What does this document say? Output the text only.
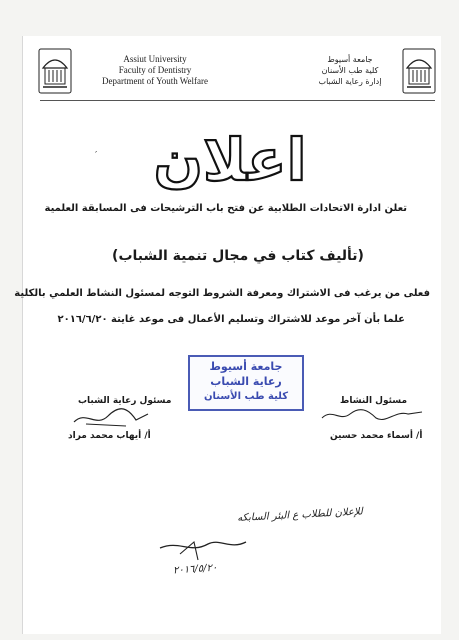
Assiut University
Faculty of Dentistry
Department of Youth Welfare
جامعة أسيوط
كلية طب الأسنان
إدارة رعاية الشباب
اعلان
′
تعلن ادارة الاتحادات الطلابية عن فتح باب الترشيحات فى المسابقة العلمية
(تأليف كتاب في مجال تنمية الشباب)
فعلى من يرغب فى الاشتراك ومعرفة الشروط التوجه لمسئول النشاط العلمي بالكلية
علما بأن آخر موعد للاشتراك وتسليم الأعمال فى موعد غايتة ٢٠١٦/٦/٢٠
جامعة أسيوط
رعاية الشباب
كلية طب الأسنان
مسئول رعاية الشباب	مسئول النشاط
أ/ أيهاب محمد مراد	أ/ أسماء محمد حسين
للإعلان للطلاب ع البئر السابكه
٢٠١٦/٥/٢٠
